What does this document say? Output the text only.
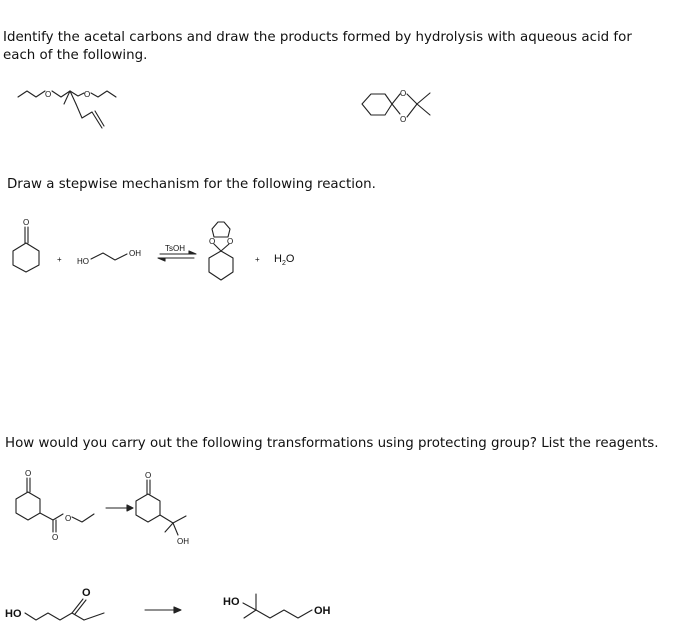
Identify the acetal carbons and draw the products formed by hydrolysis with aqueous acid for each of the following.

Draw a stepwise mechanism for the following reaction.

How would you carry out the following transformations using protecting group? List the reagents.

O	O	O
O
O
+ HO
OH
TsOH
O O
+ $H_2O$
O
O
O
O
OH
HO
O
HO
OH
